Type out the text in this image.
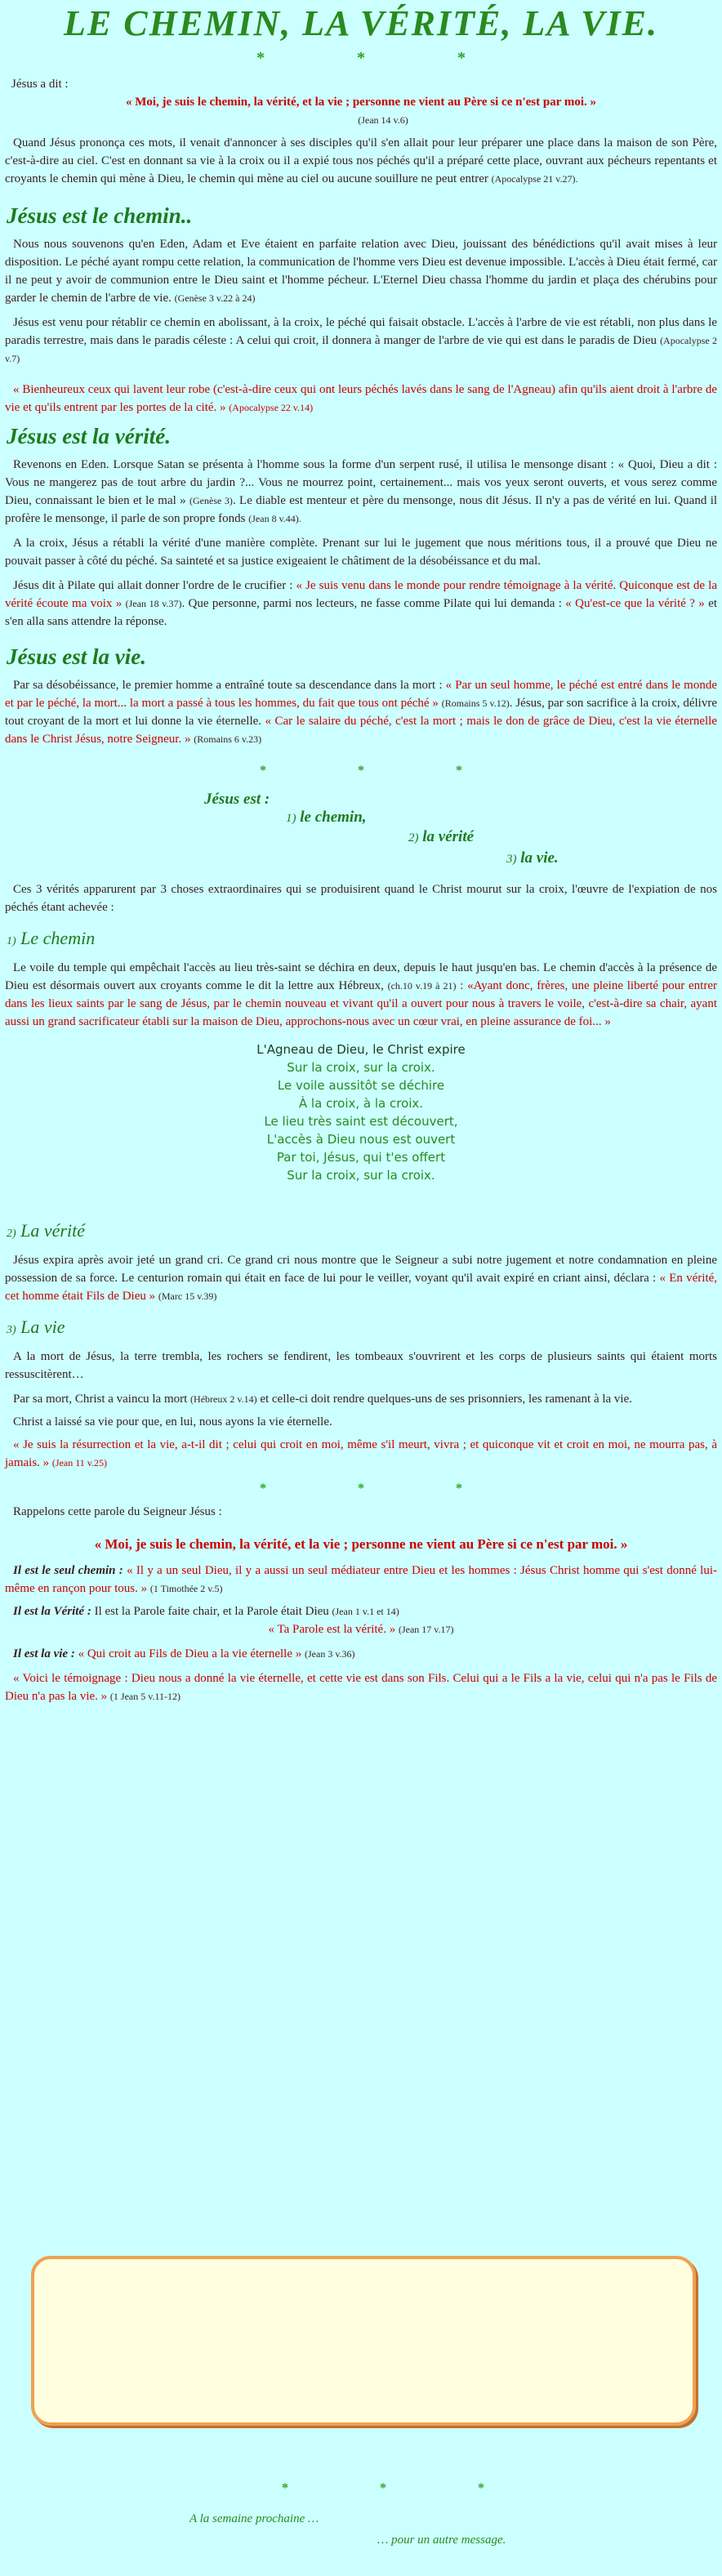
LE CHEMIN, LA VÉRITÉ, LA VIE.
* * *

Jésus a dit :

« Moi, je suis le chemin, la vérité, et la vie ; personne ne vient au Père si ce n'est par moi. »

(Jean 14 v.6)

Quand Jésus prononça ces mots, il venait d'annoncer à ses disciples qu'il s'en allait pour leur préparer une place dans la maison de son Père, c'est-à-dire au ciel. C'est en donnant sa vie à la croix ou il a expié tous nos péchés qu'il a préparé cette place, ouvrant aux pécheurs repentants et croyants le chemin qui mène à Dieu, le chemin qui mène au ciel ou aucune souillure ne peut entrer (Apocalypse 21 v.27).

Jésus est le chemin..

Nous nous souvenons qu'en Eden, Adam et Eve étaient en parfaite relation avec Dieu, jouissant des bénédictions qu'il avait mises à leur disposition. Le péché ayant rompu cette relation, la communication de l'homme vers Dieu est devenue impossible. L'accès à Dieu était fermé, car il ne peut y avoir de communion entre le Dieu saint et l'homme pécheur. L'Eternel Dieu chassa l'homme du jardin et plaça des chérubins pour garder le chemin de l'arbre de vie. (Genèse 3 v.22 à 24)

Jésus est venu pour rétablir ce chemin en abolissant, à la croix, le péché qui faisait obstacle. L'accès à l'arbre de vie est rétabli, non plus dans le paradis terrestre, mais dans le paradis céleste : A celui qui croit, il donnera à manger de l'arbre de vie qui est dans le paradis de Dieu (Apocalypse 2 v.7)

« Bienheureux ceux qui lavent leur robe (c'est-à-dire ceux qui ont leurs péchés lavés dans le sang de l'Agneau) afin qu'ils aient droit à l'arbre de vie et qu'ils entrent par les portes de la cité. » (Apocalypse 22 v.14)

Jésus est la vérité.

Revenons en Eden. Lorsque Satan se présenta à l'homme sous la forme d'un serpent rusé, il utilisa le mensonge disant : « Quoi, Dieu a dit : Vous ne mangerez pas de tout arbre du jardin ?... Vous ne mourrez point, certainement... mais vos yeux seront ouverts, et vous serez comme Dieu, connaissant le bien et le mal » (Genèse 3). Le diable est menteur et père du mensonge, nous dit Jésus. Il n'y a pas de vérité en lui. Quand il profère le mensonge, il parle de son propre fonds (Jean 8 v.44).

A la croix, Jésus a rétabli la vérité d'une manière complète. Prenant sur lui le jugement que nous méritions tous, il a prouvé que Dieu ne pouvait passer à côté du péché. Sa sainteté et sa justice exigeaient le châtiment de la désobéissance et du mal.

Jésus dit à Pilate qui allait donner l'ordre de le crucifier : « Je suis venu dans le monde pour rendre témoignage à la vérité. Quiconque est de la vérité écoute ma voix » (Jean 18 v.37). Que personne, parmi nos lecteurs, ne fasse comme Pilate qui lui demanda : « Qu'est-ce que la vérité ? » et s'en alla sans attendre la réponse.

Jésus est la vie.

Par sa désobéissance, le premier homme a entraîné toute sa descendance dans la mort : « Par un seul homme, le péché est entré dans le monde et par le péché, la mort... la mort a passé à tous les hommes, du fait que tous ont péché » (Romains 5 v.12). Jésus, par son sacrifice à la croix, délivre tout croyant de la mort et lui donne la vie éternelle. « Car le salaire du péché, c'est la mort ; mais le don de grâce de Dieu, c'est la vie éternelle dans le Christ Jésus, notre Seigneur. » (Romains 6 v.23)

* * *
Jésus est :
1) le chemin,
2) la vérité
3) la vie.

Ces 3 vérités apparurent par 3 choses extraordinaires qui se produisirent quand le Christ mourut sur la croix, l'œuvre de l'expiation de nos péchés étant achevée :

1) Le chemin

Le voile du temple qui empêchait l'accès au lieu très-saint se déchira en deux, depuis le haut jusqu'en bas. Le chemin d'accès à la présence de Dieu est désormais ouvert aux croyants comme le dit la lettre aux Hébreux, (ch.10 v.19 à 21) : «Ayant donc, frères, une pleine liberté pour entrer dans les lieux saints par le sang de Jésus, par le chemin nouveau et vivant qu'il a ouvert pour nous à travers le voile, c'est-à-dire sa chair, ayant aussi un grand sacrificateur établi sur la maison de Dieu, approchons-nous avec un cœur vrai, en pleine assurance de foi... »

L'Agneau de Dieu, le Christ expire
Sur la croix, sur la croix.
Le voile aussitôt se déchire
À la croix, à la croix.
Le lieu très saint est découvert,
L'accès à Dieu nous est ouvert
Par toi, Jésus, qui t'es offert
Sur la croix, sur la croix.
2) La vérité

Jésus expira après avoir jeté un grand cri. Ce grand cri nous montre que le Seigneur a subi notre jugement et notre condamnation en pleine possession de sa force. Le centurion romain qui était en face de lui pour le veiller, voyant qu'il avait expiré en criant ainsi, déclara : « En vérité, cet homme était Fils de Dieu » (Marc 15 v.39)

3) La vie

A la mort de Jésus, la terre trembla, les rochers se fendirent, les tombeaux s'ouvrirent et les corps de plusieurs saints qui étaient morts ressuscitèrent…

Par sa mort, Christ a vaincu la mort (Hébreux 2 v.14) et celle-ci doit rendre quelques-uns de ses prisonniers, les ramenant à la vie.

Christ a laissé sa vie pour que, en lui, nous ayons la vie éternelle.

« Je suis la résurrection et la vie, a-t-il dit ; celui qui croit en moi, même s'il meurt, vivra ; et quiconque vit et croit en moi, ne mourra pas, à jamais. » (Jean 11 v.25)

* * *

Rappelons cette parole du Seigneur Jésus :

« Moi, je suis le chemin, la vérité, et la vie ; personne ne vient au Père si ce n'est par moi. »

Il est le seul chemin : « Il y a un seul Dieu, il y a aussi un seul médiateur entre Dieu et les hommes : Jésus Christ homme qui s'est donné lui-même en rançon pour tous. » (1 Timothée 2 v.5)

Il est la Vérité : Il est la Parole faite chair, et la Parole était Dieu (Jean 1 v.1 et 14)

« Ta Parole est la vérité. » (Jean 17 v.17)

Il est la vie : « Qui croit au Fils de Dieu a la vie éternelle » (Jean 3 v.36)

« Voici le témoignage : Dieu nous a donné la vie éternelle, et cette vie est dans son Fils. Celui qui a le Fils a la vie, celui qui n'a pas le Fils de Dieu n'a pas la vie. » (1 Jean 5 v.11-12)

* * *
A la semaine prochaine …
… pour un autre message.
